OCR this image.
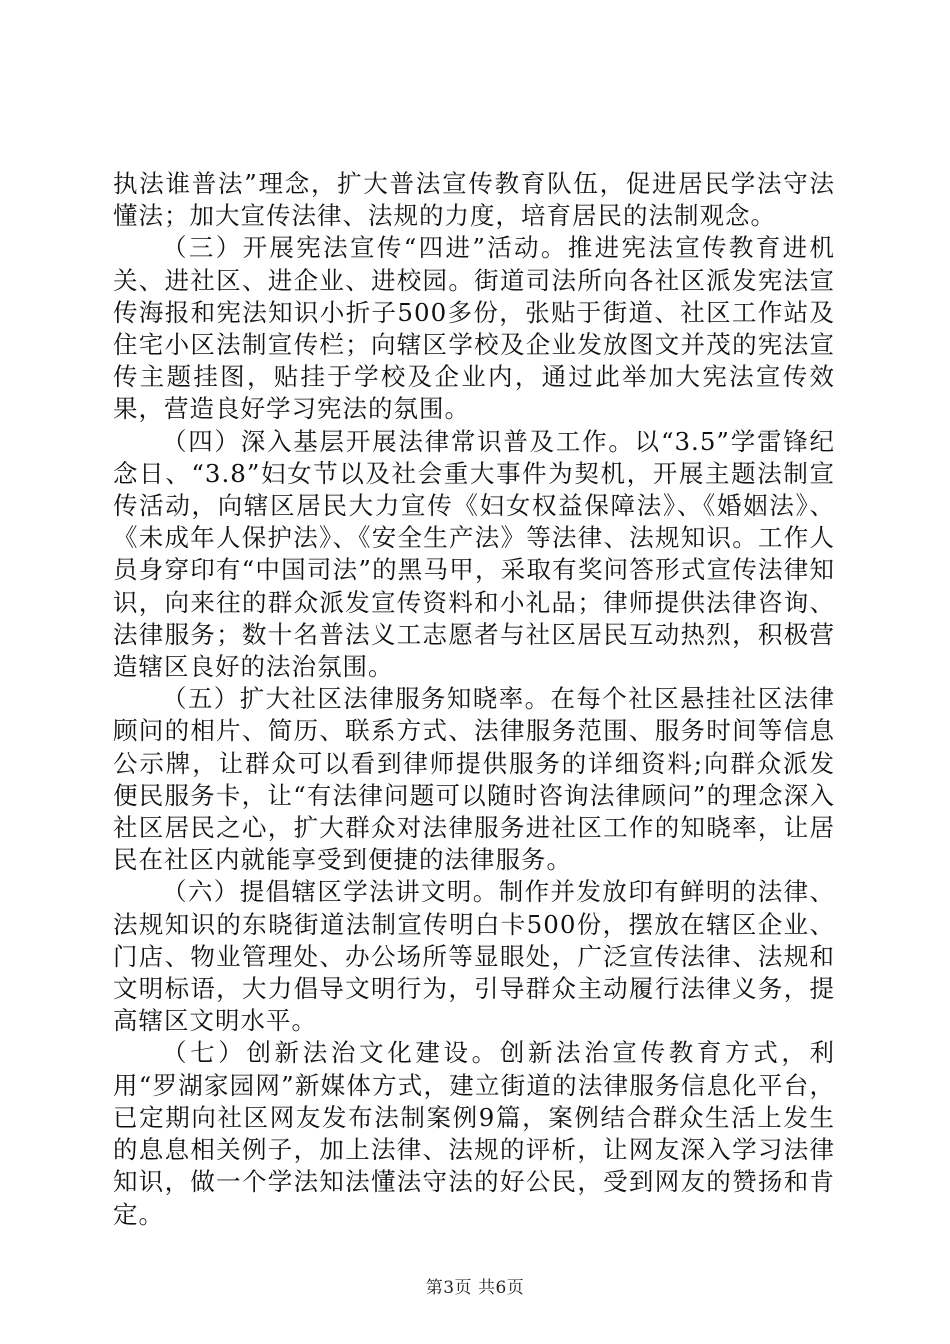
执法谁普法”理念，扩大普法宣传教育队伍，促进居民学法守法懂法；加大宣传法律、法规的力度，培育居民的法制观念。

（三）开展宪法宣传“四进”活动。推进宪法宣传教育进机关、进社区、进企业、进校园。街道司法所向各社区派发宪法宣传海报和宪法知识小折子500多份，张贴于街道、社区工作站及住宅小区法制宣传栏；向辖区学校及企业发放图文并茂的宪法宣传主题挂图，贴挂于学校及企业内，通过此举加大宪法宣传效果，营造良好学习宪法的氛围。

（四）深入基层开展法律常识普及工作。以“3.5”学雷锋纪念日、“3.8”妇女节以及社会重大事件为契机，开展主题法制宣传活动，向辖区居民大力宣传《妇女权益保障法》、《婚姻法》、《未成年人保护法》、《安全生产法》等法律、法规知识。工作人员身穿印有“中国司法”的黑马甲，采取有奖问答形式宣传法律知识，向来往的群众派发宣传资料和小礼品；律师提供法律咨询、法律服务；数十名普法义工志愿者与社区居民互动热烈，积极营造辖区良好的法治氛围。

（五）扩大社区法律服务知晓率。在每个社区悬挂社区法律顾问的相片、简历、联系方式、法律服务范围、服务时间等信息公示牌，让群众可以看到律师提供服务的详细资料;向群众派发便民服务卡，让“有法律问题可以随时咨询法律顾问”的理念深入社区居民之心，扩大群众对法律服务进社区工作的知晓率，让居民在社区内就能享受到便捷的法律服务。

（六）提倡辖区学法讲文明。制作并发放印有鲜明的法律、法规知识的东晓街道法制宣传明白卡500份，摆放在辖区企业、门店、物业管理处、办公场所等显眼处，广泛宣传法律、法规和文明标语，大力倡导文明行为，引导群众主动履行法律义务，提高辖区文明水平。

（七）创新法治文化建设。创新法治宣传教育方式，利用“罗湖家园网”新媒体方式，建立街道的法律服务信息化平台，已定期向社区网友发布法制案例9篇，案例结合群众生活上发生的息息相关例子，加上法律、法规的评析，让网友深入学习法律知识，做一个学法知法懂法守法的好公民，受到网友的赞扬和肯定。

第3页 共6页
